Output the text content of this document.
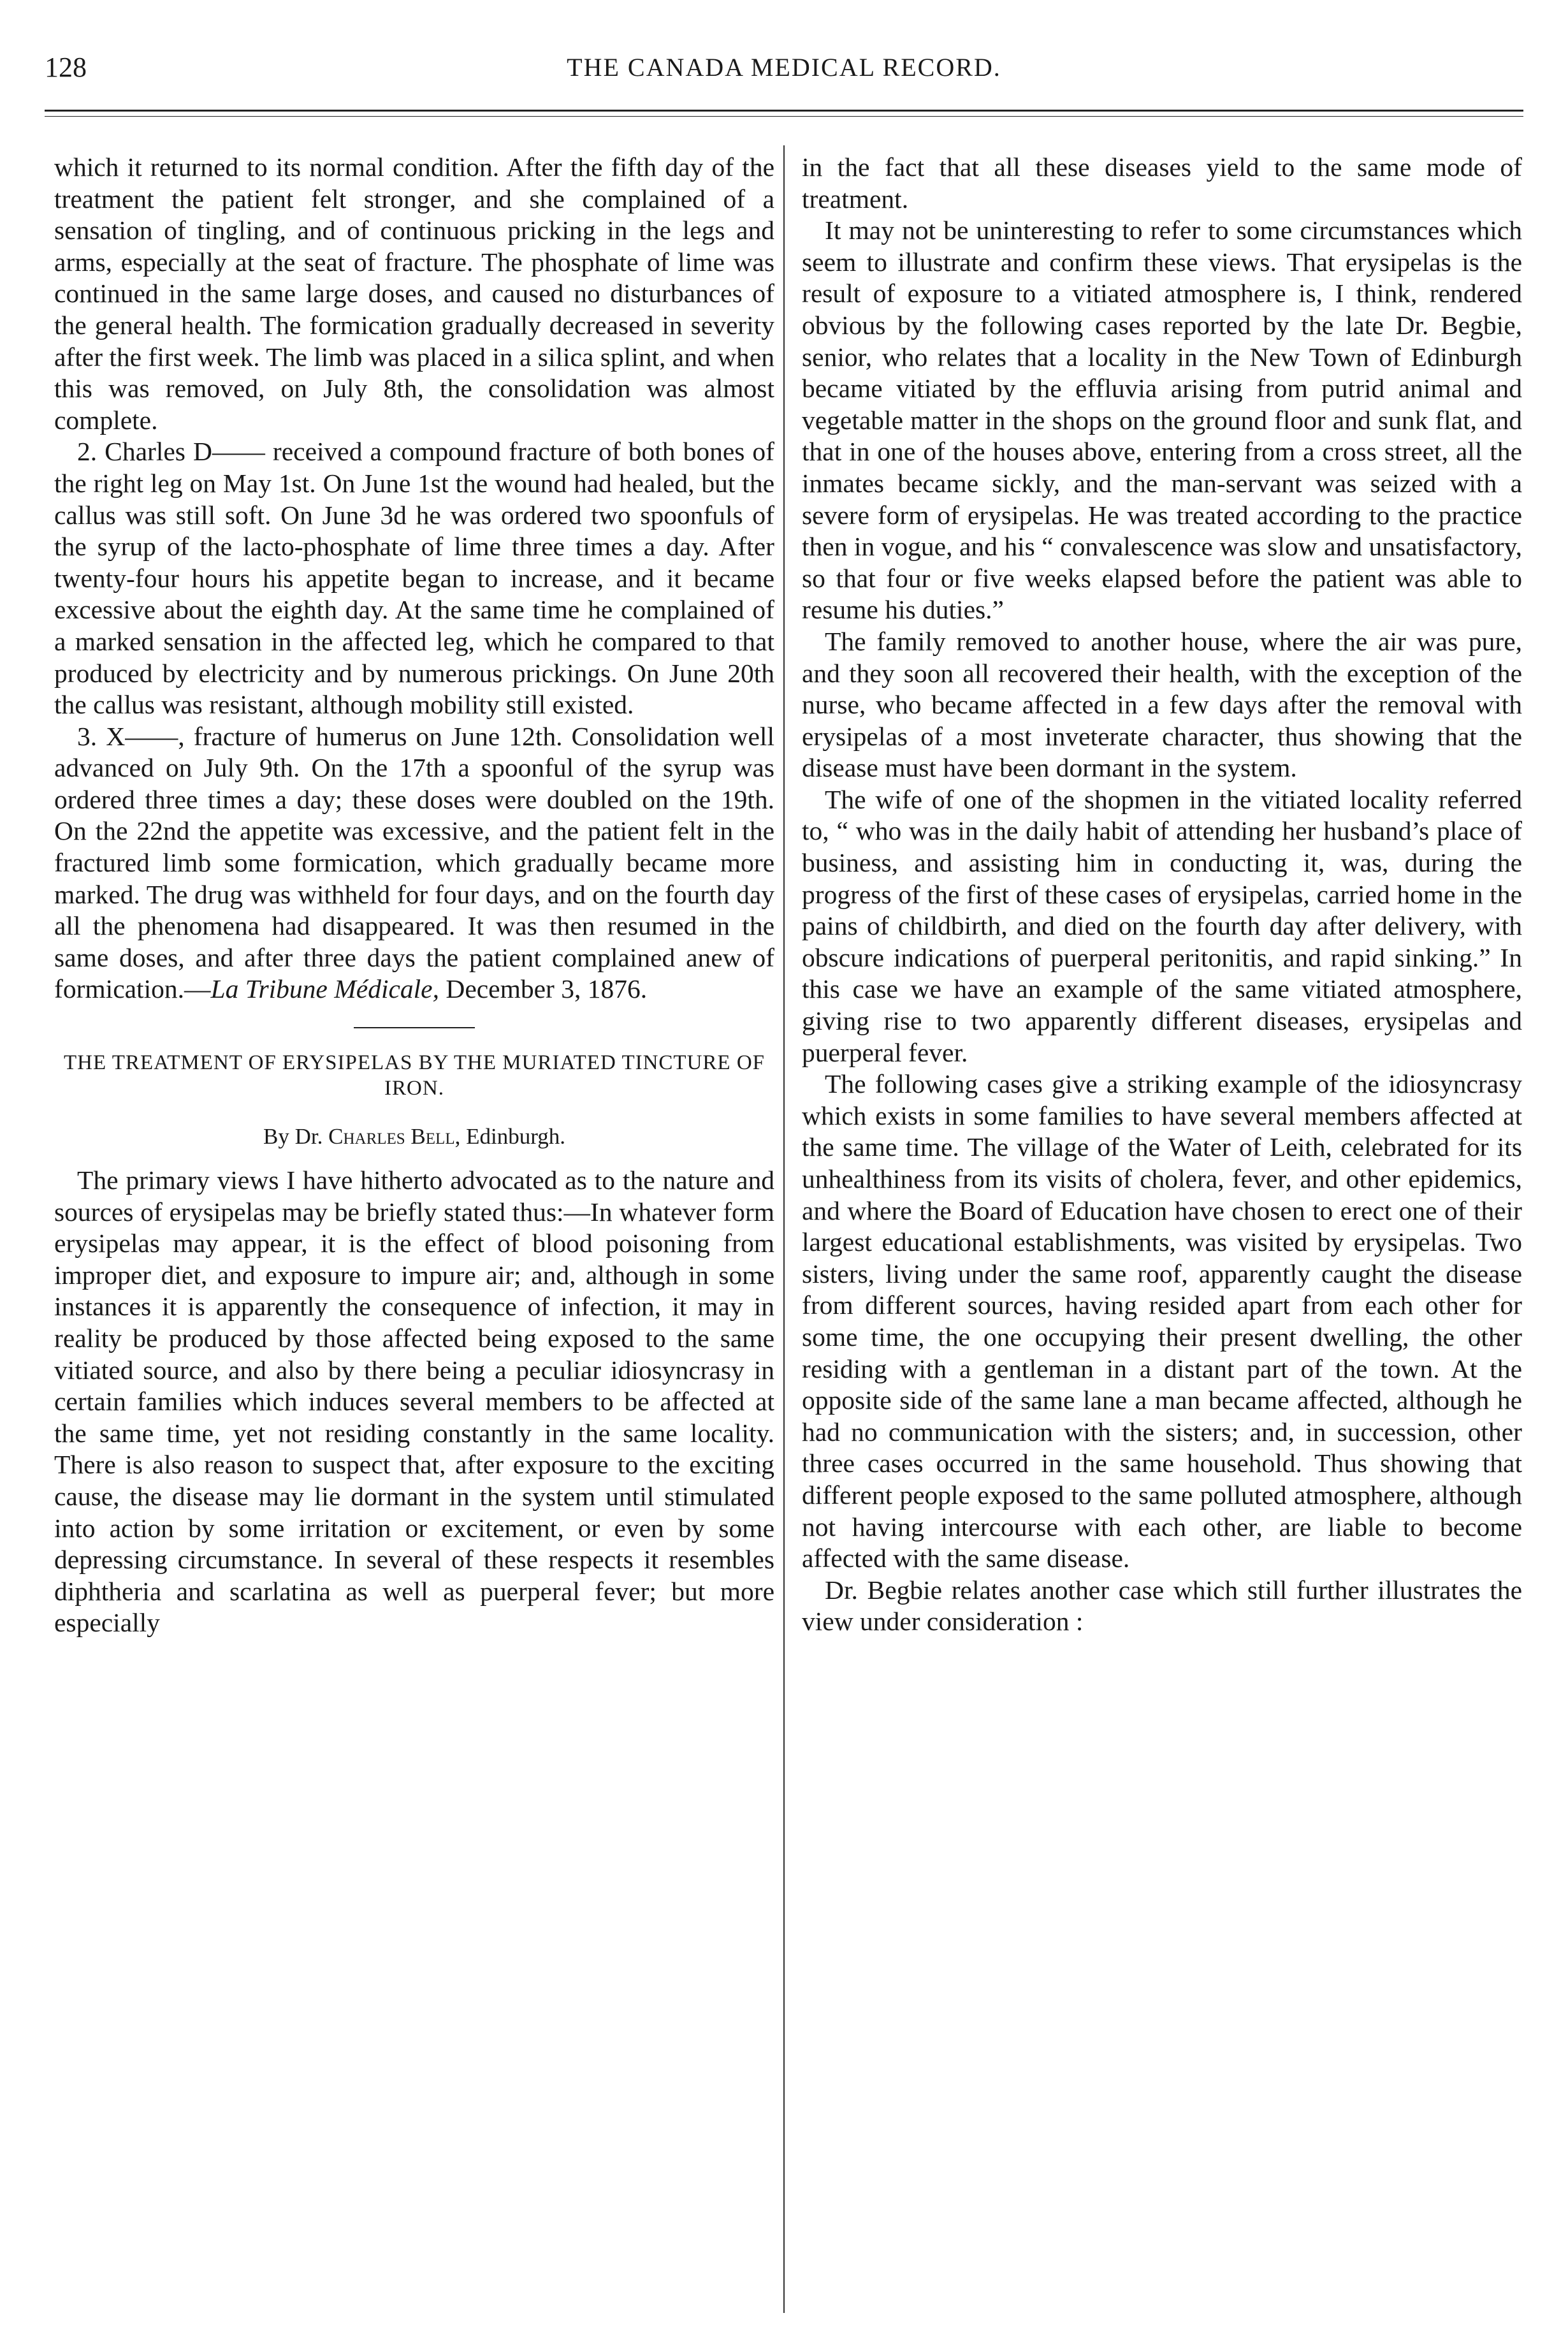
128	THE CANADA MEDICAL RECORD.

which it returned to its normal condition. After the fifth day of the treatment the patient felt stronger, and she complained of a sensation of tingling, and of continuous pricking in the legs and arms, especially at the seat of fracture. The phosphate of lime was continued in the same large doses, and caused no disturbances of the general health. The formication gradually decreased in severity after the first week. The limb was placed in a silica splint, and when this was removed, on July 8th, the consolidation was almost complete.

2. Charles D—— received a compound fracture of both bones of the right leg on May 1st. On June 1st the wound had healed, but the callus was still soft. On June 3d he was ordered two spoonfuls of the syrup of the lacto-phosphate of lime three times a day. After twenty-four hours his appetite began to increase, and it became excessive about the eighth day. At the same time he complained of a marked sensation in the affected leg, which he compared to that produced by electricity and by numerous prickings. On June 20th the callus was resistant, although mobility still existed.

3. X——, fracture of humerus on June 12th. Consolidation well advanced on July 9th. On the 17th a spoonful of the syrup was ordered three times a day; these doses were doubled on the 19th. On the 22nd the appetite was excessive, and the patient felt in the fractured limb some formication, which gradually became more marked. The drug was withheld for four days, and on the fourth day all the phenomena had disappeared. It was then resumed in the same doses, and after three days the patient complained anew of formication.—La Tribune Médicale, December 3, 1876.

THE TREATMENT OF ERYSIPELAS BY THE MURIATED TINCTURE OF IRON.
By Dr. Charles Bell, Edinburgh.

The primary views I have hitherto advocated as to the nature and sources of erysipelas may be briefly stated thus:—In whatever form erysipelas may appear, it is the effect of blood poisoning from improper diet, and exposure to impure air; and, although in some instances it is apparently the consequence of infection, it may in reality be produced by those affected being exposed to the same vitiated source, and also by there being a peculiar idiosyncrasy in certain families which induces several members to be affected at the same time, yet not residing constantly in the same locality. There is also reason to suspect that, after exposure to the exciting cause, the disease may lie dormant in the system until stimulated into action by some irritation or excitement, or even by some depressing circumstance. In several of these respects it resembles diphtheria and scarlatina as well as puerperal fever; but more especially

in the fact that all these diseases yield to the same mode of treatment.

It may not be uninteresting to refer to some circumstances which seem to illustrate and confirm these views. That erysipelas is the result of exposure to a vitiated atmosphere is, I think, rendered obvious by the following cases reported by the late Dr. Begbie, senior, who relates that a locality in the New Town of Edinburgh became vitiated by the effluvia arising from putrid animal and vegetable matter in the shops on the ground floor and sunk flat, and that in one of the houses above, entering from a cross street, all the inmates became sickly, and the man-servant was seized with a severe form of erysipelas. He was treated according to the practice then in vogue, and his “ convalescence was slow and unsatisfactory, so that four or five weeks elapsed before the patient was able to resume his duties.”

The family removed to another house, where the air was pure, and they soon all recovered their health, with the exception of the nurse, who became affected in a few days after the removal with erysipelas of a most inveterate character, thus showing that the disease must have been dormant in the system.

The wife of one of the shopmen in the vitiated locality referred to, “ who was in the daily habit of attending her husband’s place of business, and assisting him in conducting it, was, during the progress of the first of these cases of erysipelas, carried home in the pains of childbirth, and died on the fourth day after delivery, with obscure indications of puerperal peritonitis, and rapid sinking.” In this case we have an example of the same vitiated atmosphere, giving rise to two apparently different diseases, erysipelas and puerperal fever.

The following cases give a striking example of the idiosyncrasy which exists in some families to have several members affected at the same time. The village of the Water of Leith, celebrated for its unhealthiness from its visits of cholera, fever, and other epidemics, and where the Board of Education have chosen to erect one of their largest educational establishments, was visited by erysipelas. Two sisters, living under the same roof, apparently caught the disease from different sources, having resided apart from each other for some time, the one occupying their present dwelling, the other residing with a gentleman in a distant part of the town. At the opposite side of the same lane a man became affected, although he had no communication with the sisters; and, in succession, other three cases occurred in the same household. Thus showing that different people exposed to the same polluted atmosphere, although not having intercourse with each other, are liable to become affected with the same disease.

Dr. Begbie relates another case which still further illustrates the view under consideration :
